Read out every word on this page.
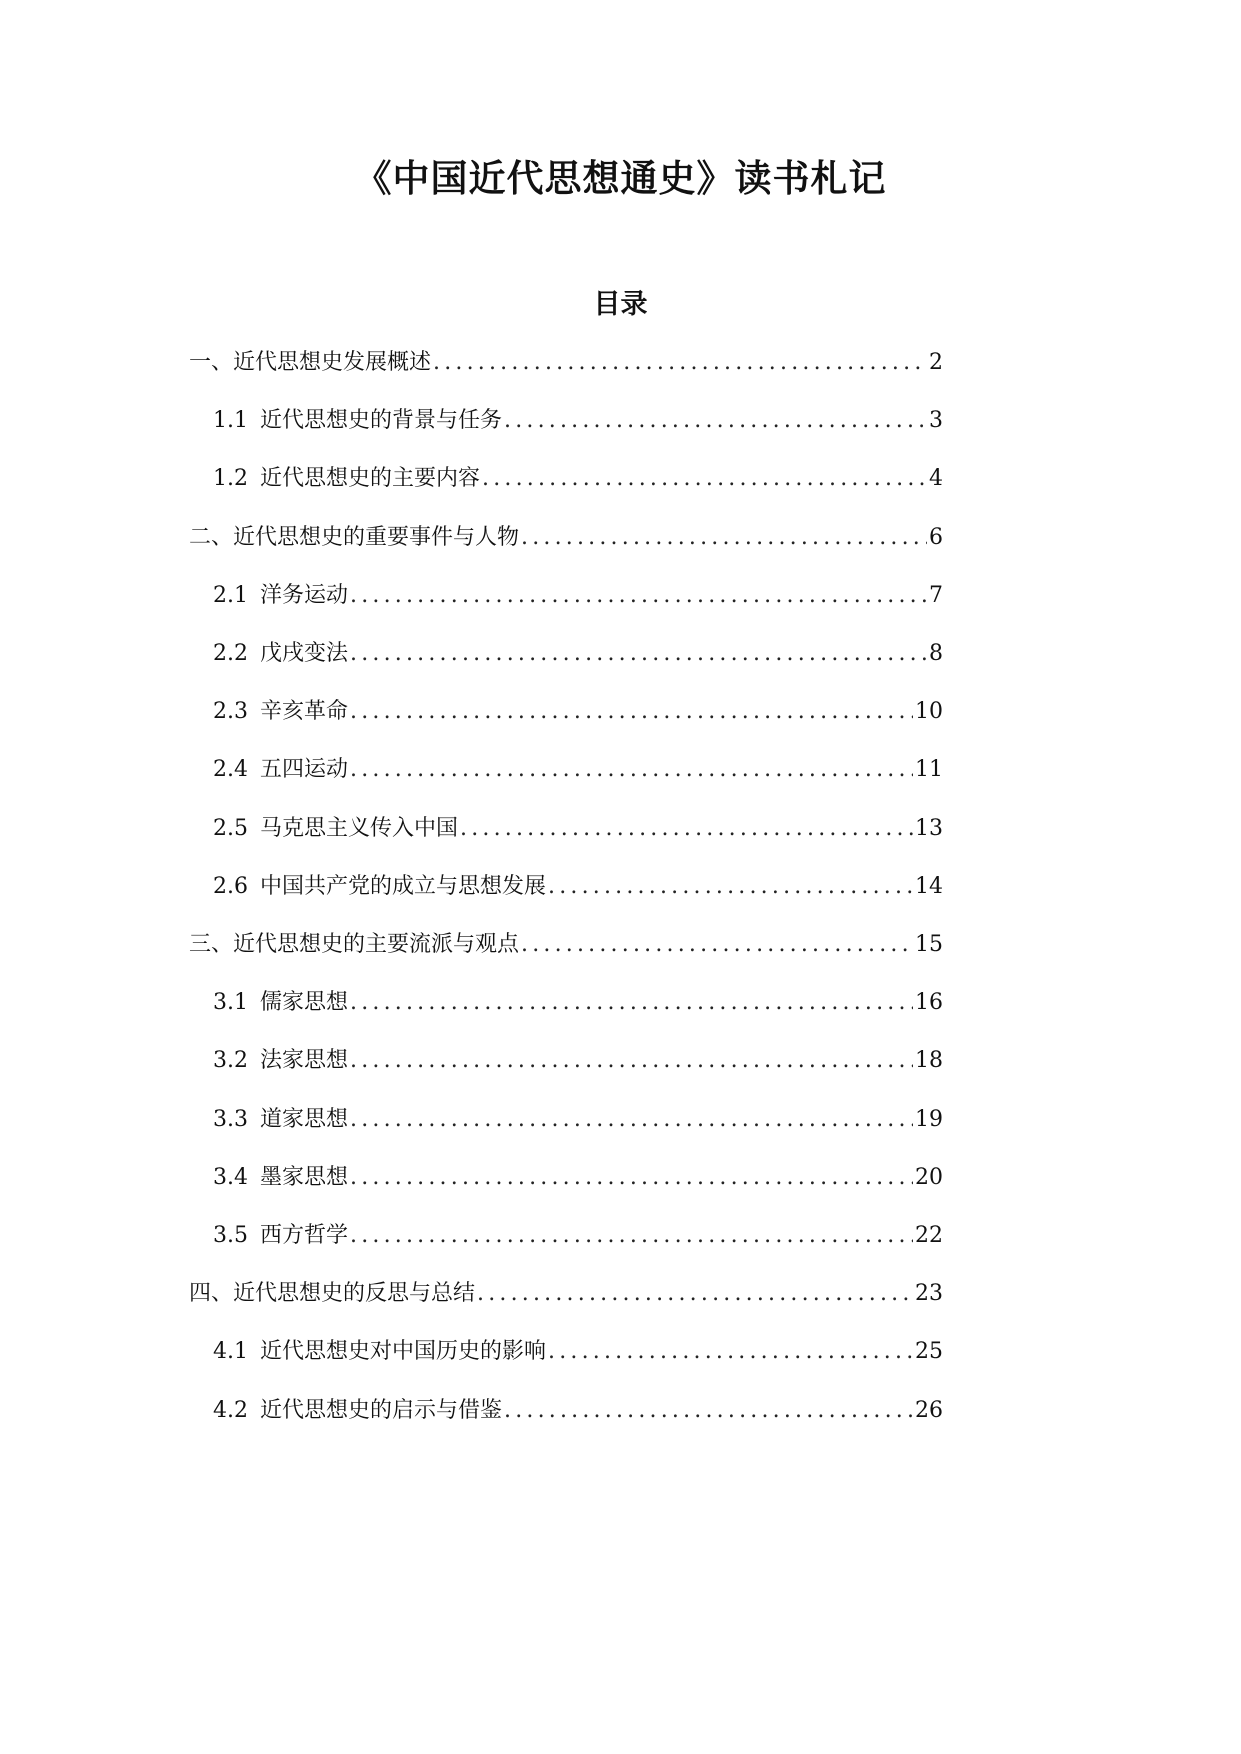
《中国近代思想通史》读书札记
目录
一、近代思想史发展概述 .....	2
1.1 近代思想史的背景与任务 .....	3
1.2 近代思想史的主要内容 .....	4
二、近代思想史的重要事件与人物 .....	6
2.1 洋务运动 .....	7
2.2 戊戌变法 .....	8
2.3 辛亥革命 .....	10
2.4 五四运动 .....	11
2.5 马克思主义传入中国 .....	13
2.6 中国共产党的成立与思想发展 .....	14
三、近代思想史的主要流派与观点 .....	15
3.1 儒家思想 .....	16
3.2 法家思想 .....	18
3.3 道家思想 .....	19
3.4 墨家思想 .....	20
3.5 西方哲学 .....	22
四、近代思想史的反思与总结 .....	23
4.1 近代思想史对中国历史的影响 .....	25
4.2 近代思想史的启示与借鉴 .....	26
